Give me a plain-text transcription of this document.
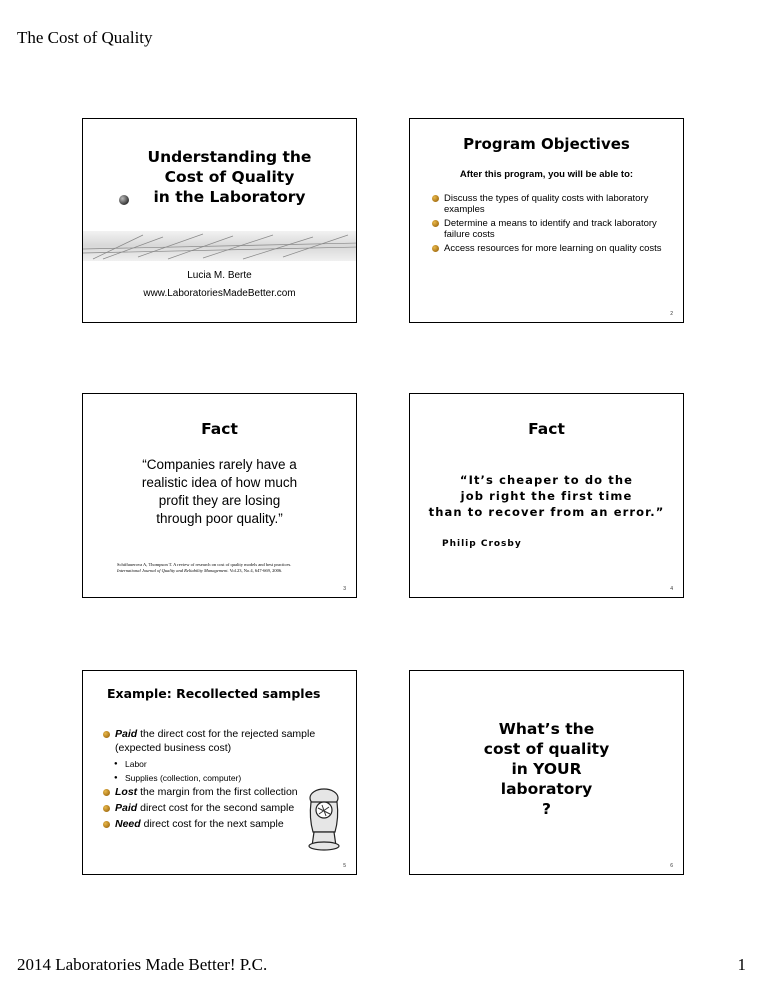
The Cost of Quality
Understanding the
Cost of Quality
in the Laboratory
Lucia M. Berte
www.LaboratoriesMadeBetter.com
Program Objectives
After this program, you will be able to:
Discuss the types of quality costs with laboratory examples
Determine a means to identify and track laboratory failure costs
Access resources for more learning on quality costs
2
Fact
“Companies rarely have a
realistic idea of how much
profit they are losing
through poor quality.”
Schiffauerova A, Thompson T. A review of research on cost of quality models and best practices.
International Journal of Quality and Reliability Management. Vol.23, No.4, 647-669, 2006.
3
Fact
“It’s cheaper to do the
job right the first time
than to recover from an error.”
Philip Crosby
4
Example: Recollected samples
Paid the direct cost for the rejected sample (expected business cost)
● Labor
● Supplies (collection, computer)
Lost the margin from the first collection
Paid direct cost for the second sample
Need direct cost for the next sample
5
What’s the
cost of quality
in YOUR
laboratory
?
6
2014 Laboratories Made Better! P.C.	1
